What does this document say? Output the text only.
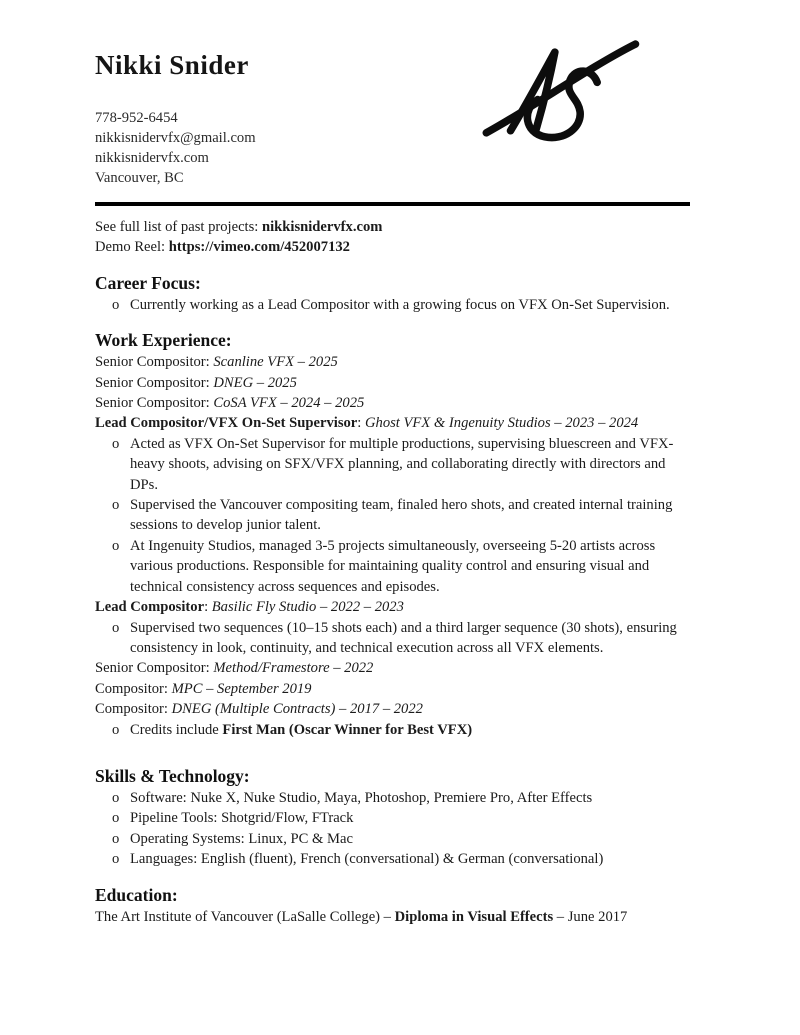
Nikki Snider
778-952-6454
nikkisnidervfx@gmail.com
nikkisnidervfx.com
Vancouver, BC
See full list of past projects: nikkisnidervfx.com
Demo Reel: https://vimeo.com/452007132
Career Focus:
o Currently working as a Lead Compositor with a growing focus on VFX On-Set Supervision.
Work Experience:
Senior Compositor: Scanline VFX – 2025
Senior Compositor: DNEG – 2025
Senior Compositor: CoSA VFX – 2024 – 2025
Lead Compositor/VFX On-Set Supervisor: Ghost VFX & Ingenuity Studios – 2023 – 2024
o Acted as VFX On-Set Supervisor for multiple productions, supervising bluescreen and VFX-heavy shoots, advising on SFX/VFX planning, and collaborating directly with directors and DPs.
o Supervised the Vancouver compositing team, finaled hero shots, and created internal training sessions to develop junior talent.
o At Ingenuity Studios, managed 3-5 projects simultaneously, overseeing 5-20 artists across various productions. Responsible for maintaining quality control and ensuring visual and technical consistency across sequences and episodes.
Lead Compositor: Basilic Fly Studio – 2022 – 2023
o Supervised two sequences (10–15 shots each) and a third larger sequence (30 shots), ensuring consistency in look, continuity, and technical execution across all VFX elements.
Senior Compositor: Method/Framestore – 2022
Compositor: MPC – September 2019
Compositor: DNEG (Multiple Contracts) – 2017 – 2022
o Credits include First Man (Oscar Winner for Best VFX)
Skills & Technology:
o Software: Nuke X, Nuke Studio, Maya, Photoshop, Premiere Pro, After Effects
o Pipeline Tools: Shotgrid/Flow, FTrack
o Operating Systems: Linux, PC & Mac
o Languages: English (fluent), French (conversational) & German (conversational)
Education:
The Art Institute of Vancouver (LaSalle College) – Diploma in Visual Effects – June 2017
